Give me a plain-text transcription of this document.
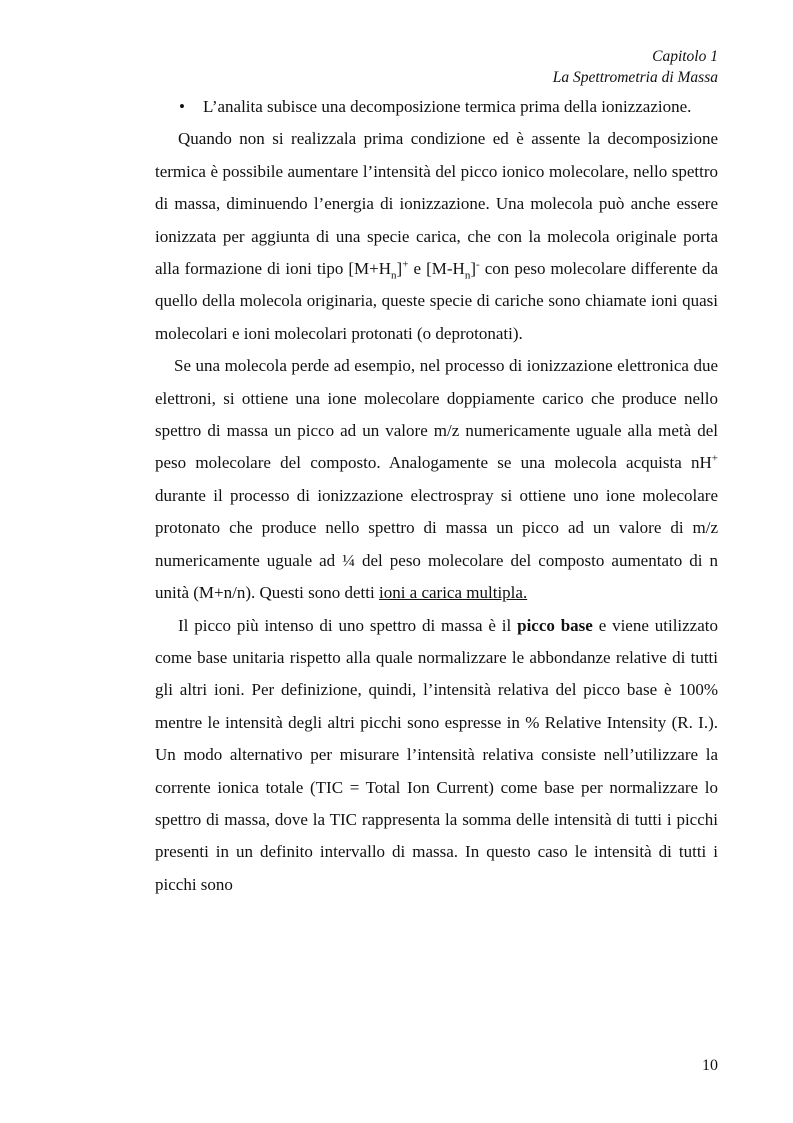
Capitolo 1
La Spettrometria di Massa
• L’analita subisce una decomposizione termica prima della ionizzazione.

Quando non si realizzala prima condizione ed è assente la decomposizione termica è possibile aumentare l’intensità del picco ionico molecolare, nello spettro di massa, diminuendo l’energia di ionizzazione. Una molecola può anche essere ionizzata per aggiunta di una specie carica, che con la molecola originale porta alla formazione di ioni tipo $[M+H_n]^+$ e $[M-H_n]^-$ con peso molecolare differente da quello della molecola originaria, queste specie di cariche sono chiamate ioni quasi molecolari e ioni molecolari protonati (o deprotonati).

Se una molecola perde ad esempio, nel processo di ionizzazione elettronica due elettroni, si ottiene una ione molecolare doppiamente carico che produce nello spettro di massa un picco ad un valore m/z numericamente uguale alla metà del peso molecolare del composto. Analogamente se una molecola acquista nH+ durante il processo di ionizzazione electrospray si ottiene uno ione molecolare protonato che produce nello spettro di massa un picco ad un valore di m/z numericamente uguale ad ¼ del peso molecolare del composto aumentato di n unità (M+n/n). Questi sono detti ioni a carica multipla.

Il picco più intenso di uno spettro di massa è il picco base e viene utilizzato come base unitaria rispetto alla quale normalizzare le abbondanze relative di tutti gli altri ioni. Per definizione, quindi, l’intensità relativa del picco base è 100% mentre le intensità degli altri picchi sono espresse in % Relative Intensity (R. I.). Un modo alternativo per misurare l’intensità relativa consiste nell’utilizzare la corrente ionica totale (TIC = Total Ion Current) come base per normalizzare lo spettro di massa, dove la TIC rappresenta la somma delle intensità di tutti i picchi presenti in un definito intervallo di massa. In questo caso le intensità di tutti i picchi sono

10
